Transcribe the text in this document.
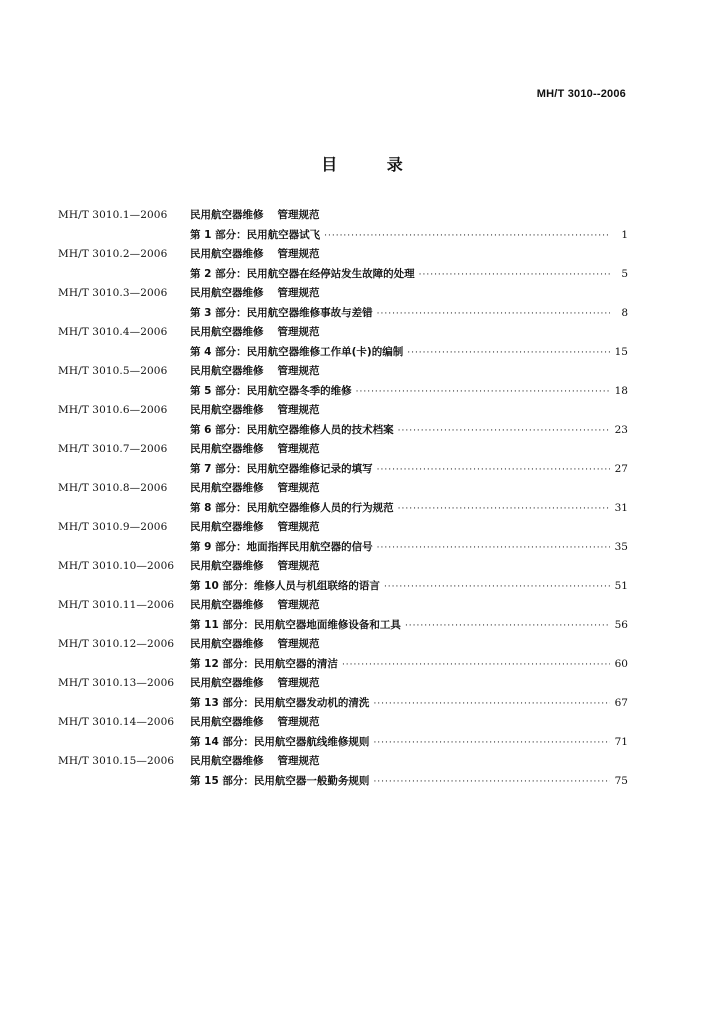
MH/T 3010--2006
目 录
MH/T 3010.1—2006	民用航空器维修 管理规范
第 1 部分：民用航空器试飞 ·····	1
MH/T 3010.2—2006	民用航空器维修 管理规范
第 2 部分：民用航空器在经停站发生故障的处理 ·····	5
MH/T 3010.3—2006	民用航空器维修 管理规范
第 3 部分：民用航空器维修事故与差错 ·····	8
MH/T 3010.4—2006	民用航空器维修 管理规范
第 4 部分：民用航空器维修工作单(卡)的编制 ·····	15
MH/T 3010.5—2006	民用航空器维修 管理规范
第 5 部分：民用航空器冬季的维修 ·····	18
MH/T 3010.6—2006	民用航空器维修 管理规范
第 6 部分：民用航空器维修人员的技术档案 ·····	23
MH/T 3010.7—2006	民用航空器维修 管理规范
第 7 部分：民用航空器维修记录的填写 ·····	27
MH/T 3010.8—2006	民用航空器维修 管理规范
第 8 部分：民用航空器维修人员的行为规范 ·····	31
MH/T 3010.9—2006	民用航空器维修 管理规范
第 9 部分：地面指挥民用航空器的信号 ·····	35
MH/T 3010.10—2006	民用航空器维修 管理规范
第 10 部分：维修人员与机组联络的语言 ·····	51
MH/T 3010.11—2006	民用航空器维修 管理规范
第 11 部分：民用航空器地面维修设备和工具 ·····	56
MH/T 3010.12—2006	民用航空器维修 管理规范
第 12 部分：民用航空器的清洁 ·····	60
MH/T 3010.13—2006	民用航空器维修 管理规范
第 13 部分：民用航空器发动机的清洗 ·····	67
MH/T 3010.14—2006	民用航空器维修 管理规范
第 14 部分：民用航空器航线维修规则 ·····	71
MH/T 3010.15—2006	民用航空器维修 管理规范
第 15 部分：民用航空器一般勤务规则 ·····	75
